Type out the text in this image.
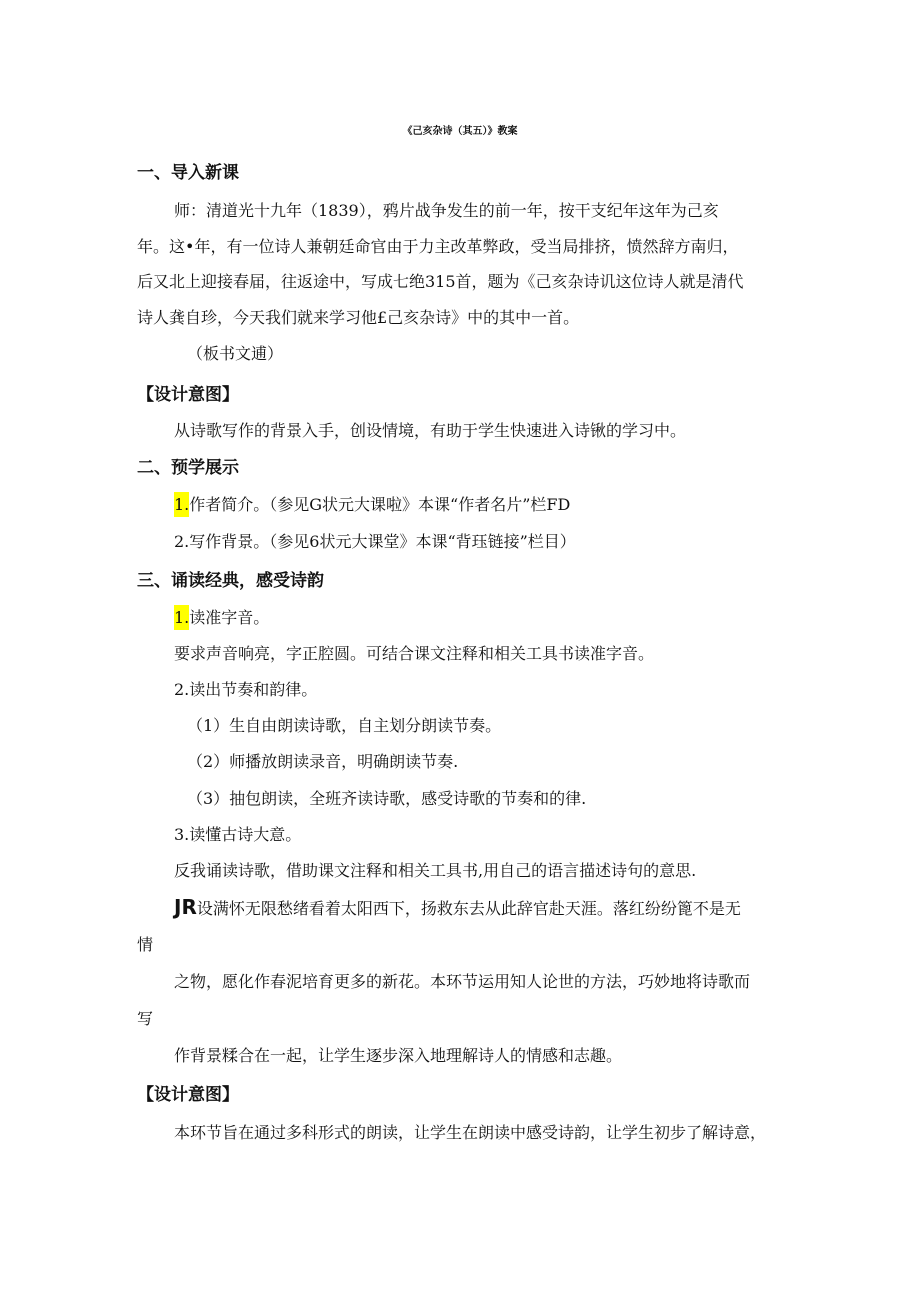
《己亥杂诗（其五）》教案
一、导入新课
师：清道光十九年（1839），鸦片战争发生的前一年，按干支纪年这年为己亥
年。这•年，有一位诗人兼朝廷命官由于力主改革弊政，受当局排挤，愤然辞方南归，
后又北上迎接春届，往返途中，写成七绝315首，题为《己亥杂诗讥这位诗人就是清代
诗人龚自珍，今天我们就来学习他£己亥杂诗》中的其中一首。
（板书文逋）
【设计意图】
从诗歌写作的背景入手，创设情境，有助于学生快速进入诗锹的学习中。
二、预学展示
1.作者简介。（参见G状元大课啦》本课“作者名片”栏FD
2.写作背景。（参见6状元大课堂》本课“背珏链接”栏目）
三、诵读经典，感受诗韵
1.读准字音。
要求声音响亮，字正腔圆。可结合课文注释和相关工具书读准字音。
2.读出节奏和韵律。
（1）生自由朗读诗歌，自主划分朗读节奏。
（2）师播放朗读录音，明确朗读节奏.
（3）抽包朗读，全班齐读诗歌，感受诗歌的节奏和的律.
3.读懂古诗大意。
反我诵读诗歌，借助课文注释和相关工具书,用自己的语言描述诗句的意思.
JR设满怀无限愁绪看着太阳西下，扬救东去从此辞官赴天涯。落红纷纷篦不是无
情
之物，愿化作春泥培育更多的新花。本环节运用知人论世的方法，巧妙地将诗歌而
写
作背景糅合在一起，让学生逐步深入地理解诗人的情感和志趣。
【设计意图】
本环节旨在通过多科形式的朗读，让学生在朗读中感受诗韵，让学生初步了解诗意，
